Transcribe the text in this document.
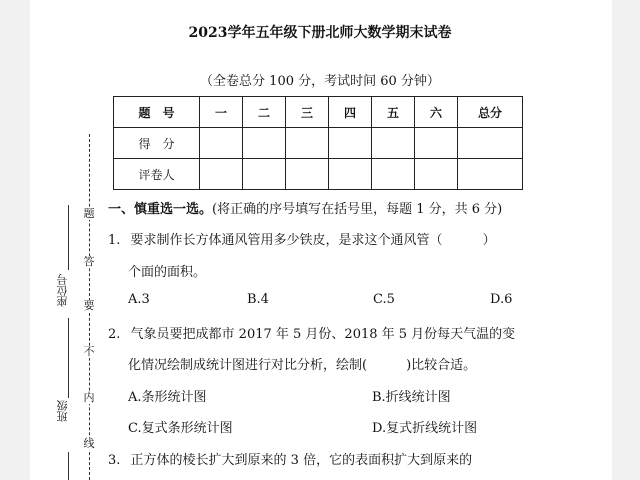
2023学年五年级下册北师大数学期末试卷
（全卷总分 100 分，考试时间 60 分钟）
题　号	一	二	三	四	五	六	总分
得　分							
评卷人							
题
答
要
不
内
线
座位号
班级
一、慎重选一选。(将正确的序号填写在括号里，每题 1 分，共 6 分)
1. 要求制作长方体通风管用多少铁皮，是求这个通风管（	）
个面的面积。
A.3	B.4	C.5	D.6
2. 气象员要把成都市 2017 年 5 月份、2018 年 5 月份每天气温的变
化情况绘制成统计图进行对比分析，绘制(　　　)比较合适。
A.条形统计图	B.折线统计图
C.复式条形统计图	D.复式折线统计图
3. 正方体的棱长扩大到原来的 3 倍，它的表面积扩大到原来的
